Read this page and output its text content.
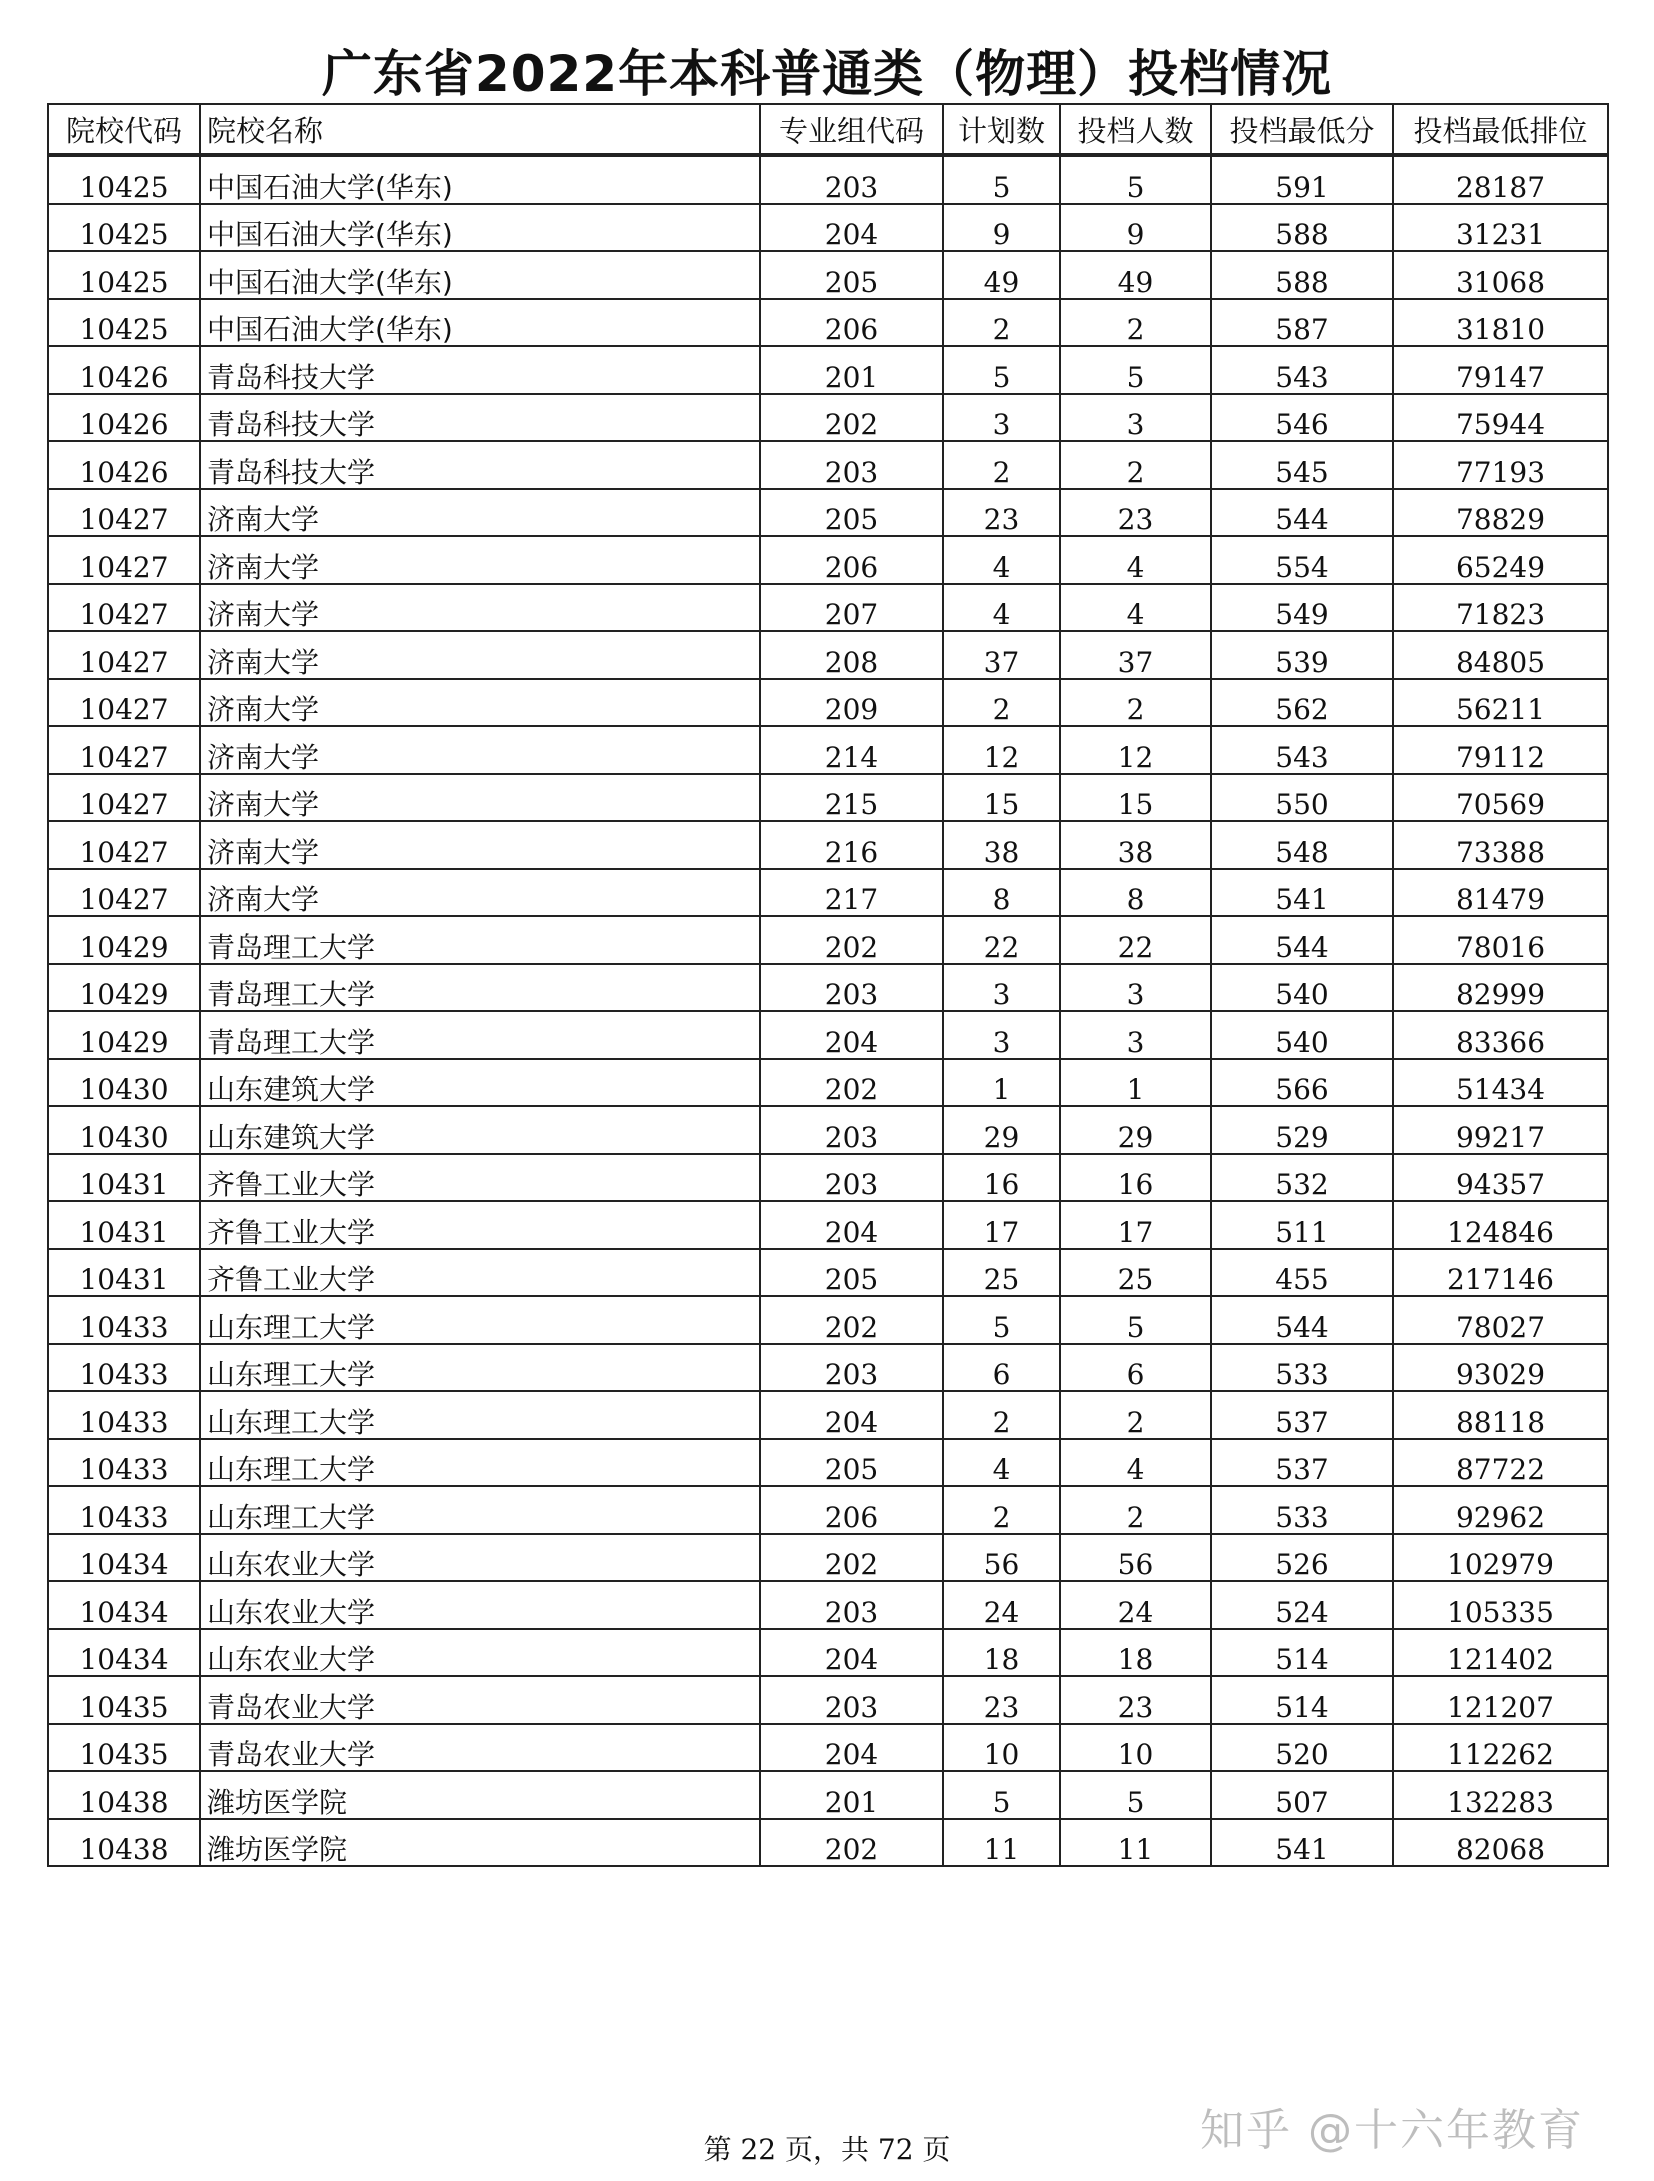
广东省2022年本科普通类（物理）投档情况
院校代码	院校名称	专业组代码	计划数	投档人数	投档最低分	投档最低排位
10425	中国石油大学(华东)	203	5	5	591	28187
10425	中国石油大学(华东)	204	9	9	588	31231
10425	中国石油大学(华东)	205	49	49	588	31068
10425	中国石油大学(华东)	206	2	2	587	31810
10426	青岛科技大学	201	5	5	543	79147
10426	青岛科技大学	202	3	3	546	75944
10426	青岛科技大学	203	2	2	545	77193
10427	济南大学	205	23	23	544	78829
10427	济南大学	206	4	4	554	65249
10427	济南大学	207	4	4	549	71823
10427	济南大学	208	37	37	539	84805
10427	济南大学	209	2	2	562	56211
10427	济南大学	214	12	12	543	79112
10427	济南大学	215	15	15	550	70569
10427	济南大学	216	38	38	548	73388
10427	济南大学	217	8	8	541	81479
10429	青岛理工大学	202	22	22	544	78016
10429	青岛理工大学	203	3	3	540	82999
10429	青岛理工大学	204	3	3	540	83366
10430	山东建筑大学	202	1	1	566	51434
10430	山东建筑大学	203	29	29	529	99217
10431	齐鲁工业大学	203	16	16	532	94357
10431	齐鲁工业大学	204	17	17	511	124846
10431	齐鲁工业大学	205	25	25	455	217146
10433	山东理工大学	202	5	5	544	78027
10433	山东理工大学	203	6	6	533	93029
10433	山东理工大学	204	2	2	537	88118
10433	山东理工大学	205	4	4	537	87722
10433	山东理工大学	206	2	2	533	92962
10434	山东农业大学	202	56	56	526	102979
10434	山东农业大学	203	24	24	524	105335
10434	山东农业大学	204	18	18	514	121402
10435	青岛农业大学	203	23	23	514	121207
10435	青岛农业大学	204	10	10	520	112262
10438	潍坊医学院	201	5	5	507	132283
10438	潍坊医学院	202	11	11	541	82068
知乎 @十六年教育
第 22 页，共 72 页
